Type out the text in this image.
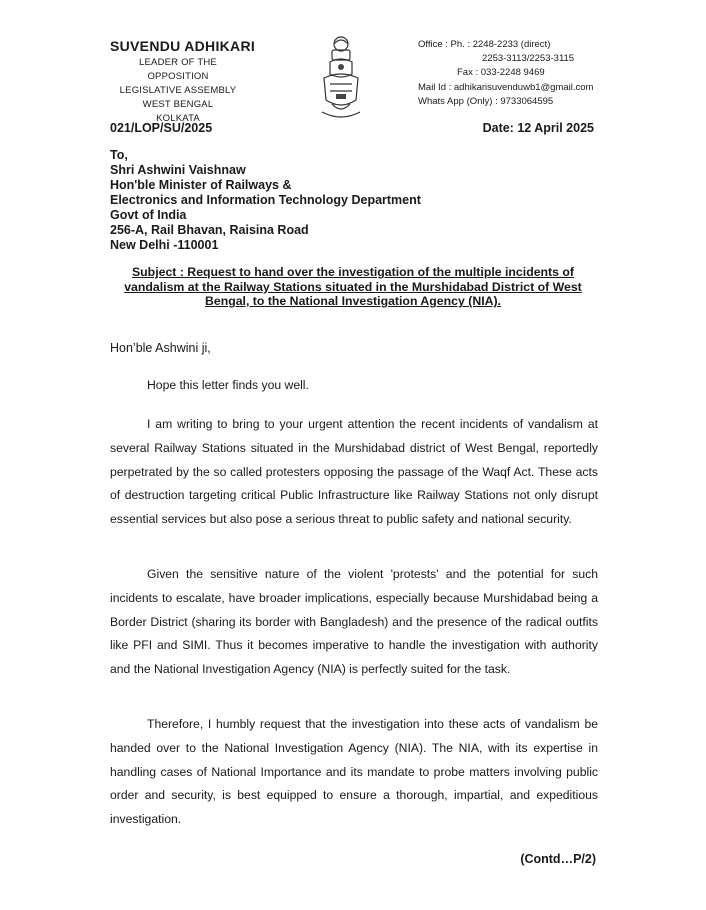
SUVENDU ADHIKARI
LEADER OF THE OPPOSITION
LEGISLATIVE ASSEMBLY
WEST BENGAL
KOLKATA
Office : Ph. : 2248-2233 (direct)
2253-3113/2253-3115
Fax : 033-2248 9469
Mail Id : adhikarisuvenduwb1@gmail.com
Whats App (Only) : 9733064595
021/LOP/SU/2025	Date: 12 April 2025
To,
Shri Ashwini Vaishnaw
Hon'ble Minister of Railways &
Electronics and Information Technology Department
Govt of India
256-A, Rail Bhavan, Raisina Road
New Delhi -110001
Subject : Request to hand over the investigation of the multiple incidents of vandalism at the Railway Stations situated in the Murshidabad District of West Bengal, to the National Investigation Agency (NIA).
Hon’ble Ashwini ji,
Hope this letter finds you well.
I am writing to bring to your urgent attention the recent incidents of vandalism at several Railway Stations situated in the Murshidabad district of West Bengal, reportedly perpetrated by the so called protesters opposing the passage of the Waqf Act. These acts of destruction targeting critical Public Infrastructure like Railway Stations not only disrupt essential services but also pose a serious threat to public safety and national security.
Given the sensitive nature of the violent 'protests' and the potential for such incidents to escalate, have broader implications, especially because Murshidabad being a Border District (sharing its border with Bangladesh) and the presence of the radical outfits like PFI and SIMI. Thus it becomes imperative to handle the investigation with authority and the National Investigation Agency (NIA) is perfectly suited for the task.
Therefore, I humbly request that the investigation into these acts of vandalism be handed over to the National Investigation Agency (NIA). The NIA, with its expertise in handling cases of National Importance and its mandate to probe matters involving public order and security, is best equipped to ensure a thorough, impartial, and expeditious investigation.
(Contd…P/2)
